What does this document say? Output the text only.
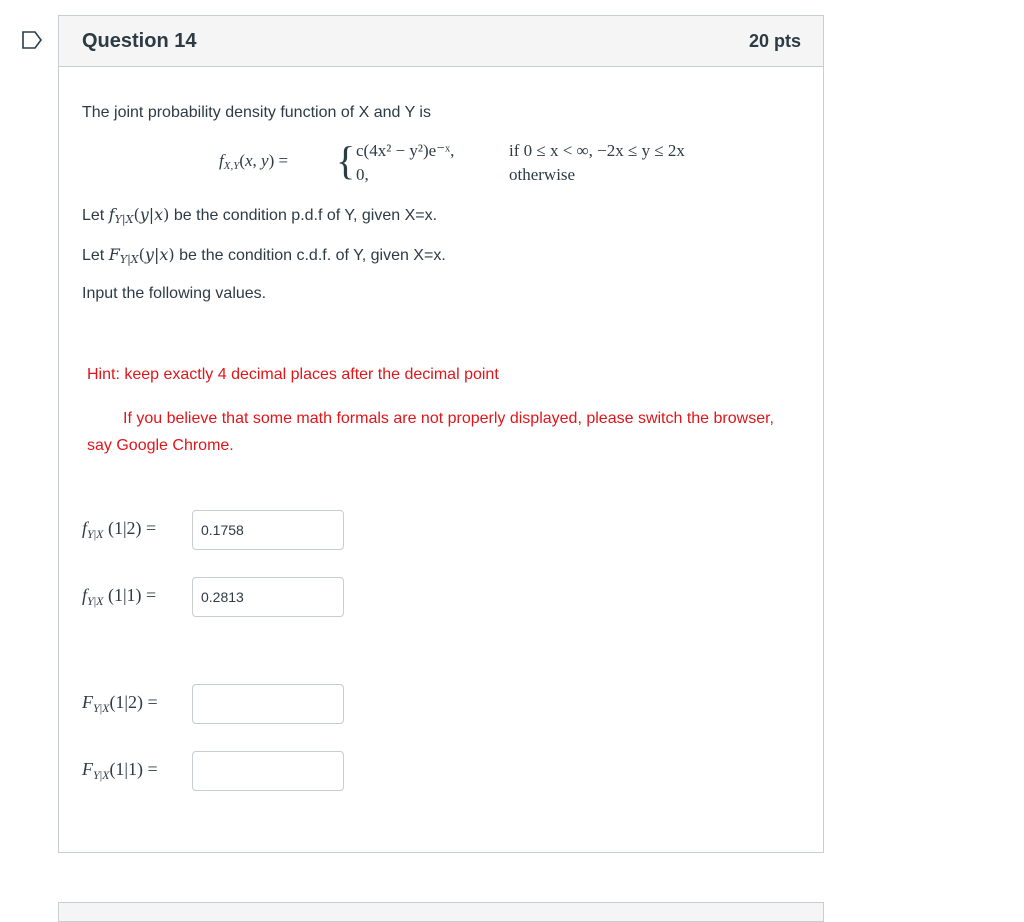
Question 14	20 pts
The joint probability density function of X and Y is
$f_{X,Y}(x$, y) = { c(4x² − y²)e⁻ˣ,	if 0 ≤ x < ∞, −2x ≤ y ≤ 2x
0,	otherwise
Let $f_{Y|X}(y|x)$ be the condition p.d.f of Y, given X=x.
Let $F_{Y|X}(y|x)$ be the condition c.d.f. of Y, given X=x.
Input the following values.
Hint: keep exactly 4 decimal places after the decimal point
If you believe that some math formals are not properly displayed, please switch the browser, say Google Chrome.
$f_{Y|X}$ (1|2) =
0.1758
$f_{Y|X}$ (1|1) =
0.2813
$F_{Y|X}(1|2)$ =
$F_{Y|X}(1|1)$ =
